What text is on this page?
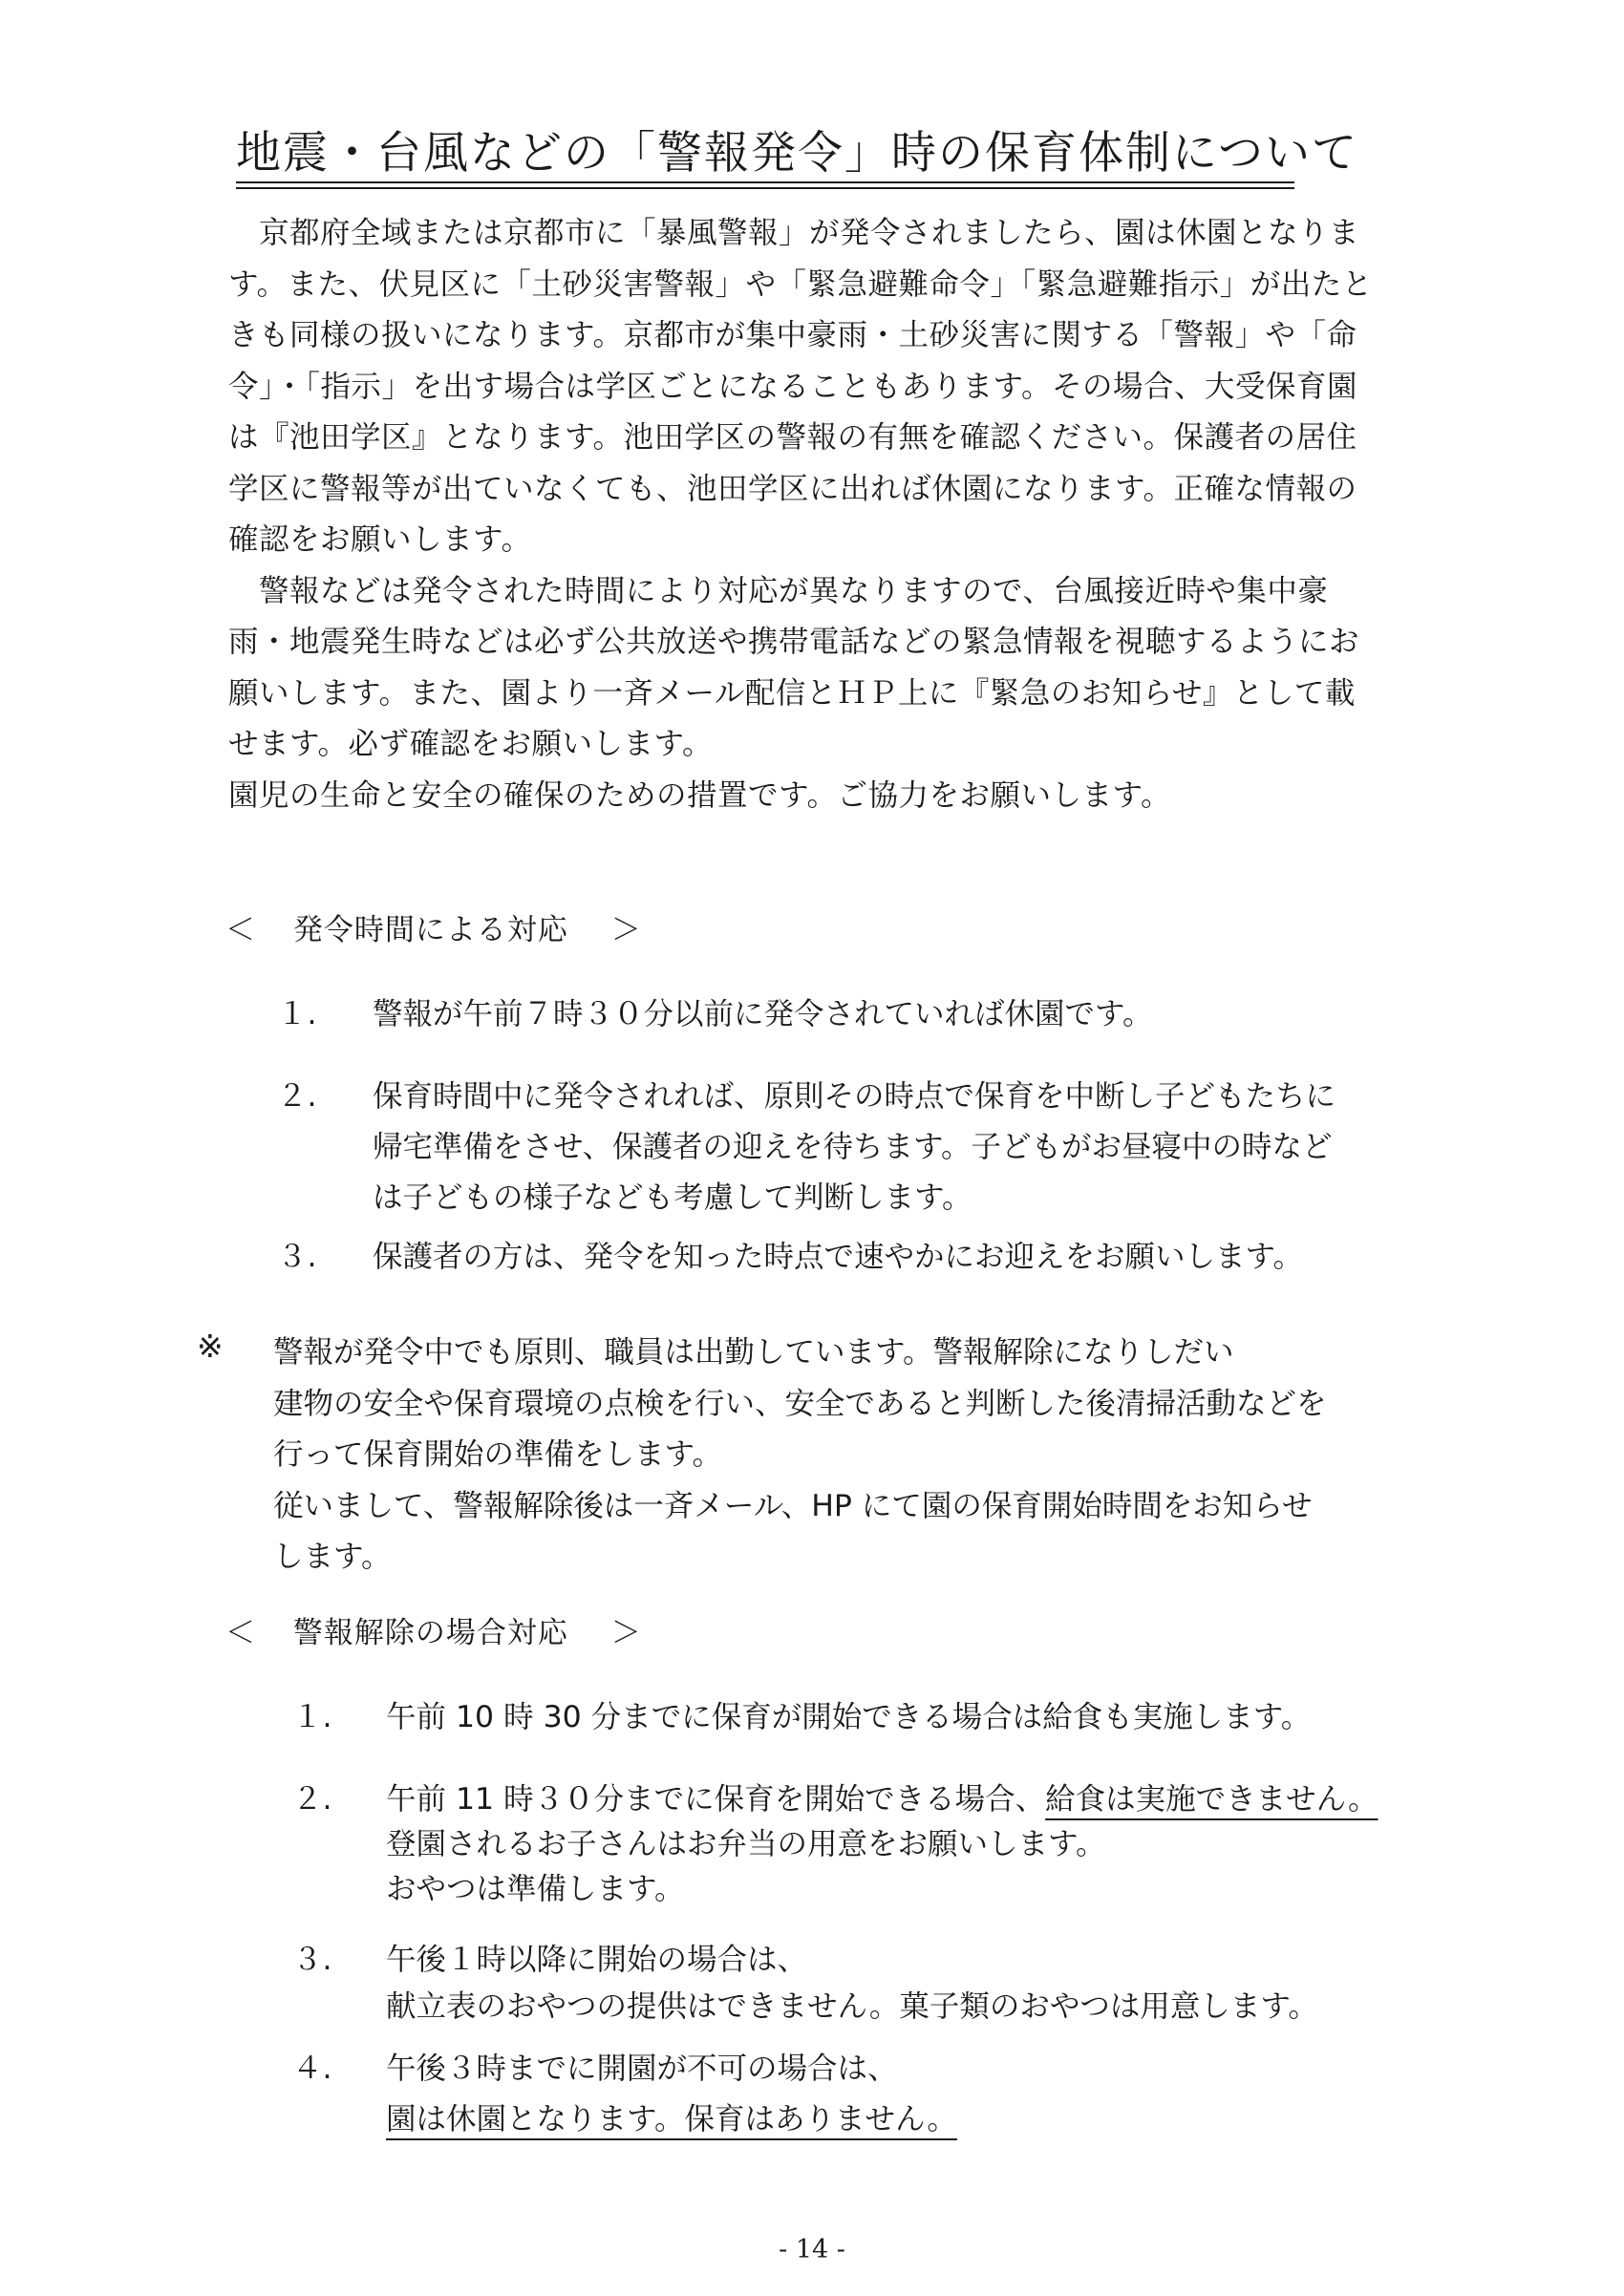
地震・台風などの「警報発令」時の保育体制について
　京都府全域または京都市に「暴風警報」が発令されましたら、園は休園となりま
す。また、伏見区に「土砂災害警報」や「緊急避難命令」「緊急避難指示」が出たと
きも同様の扱いになります。京都市が集中豪雨・土砂災害に関する「警報」や「命
令」・「指示」を出す場合は学区ごとになることもあります。その場合、大受保育園
は『池田学区』となります。池田学区の警報の有無を確認ください。保護者の居住
学区に警報等が出ていなくても、池田学区に出れば休園になります。正確な情報の
確認をお願いします。
　警報などは発令された時間により対応が異なりますので、台風接近時や集中豪
雨・地震発生時などは必ず公共放送や携帯電話などの緊急情報を視聴するようにお
願いします。また、園より一斉メール配信とＨＰ上に『緊急のお知らせ』として載
せます。必ず確認をお願いします。
園児の生命と安全の確保のための措置です。ご協力をお願いします。
＜ 発令時間による対応 ＞
１. 警報が午前７時３０分以前に発令されていれば休園です。
２. 保育時間中に発令されれば、原則その時点で保育を中断し子どもたちに
帰宅準備をさせ、保護者の迎えを待ちます。子どもがお昼寝中の時など
は子どもの様子なども考慮して判断します。
３. 保護者の方は、発令を知った時点で速やかにお迎えをお願いします。
※ 警報が発令中でも原則、職員は出勤しています。警報解除になりしだい
建物の安全や保育環境の点検を行い、安全であると判断した後清掃活動などを
行って保育開始の準備をします。
従いまして、警報解除後は一斉メール、HP にて園の保育開始時間をお知らせ
します。
＜ 警報解除の場合対応 ＞
１. 午前 10 時 30 分までに保育が開始できる場合は給食も実施します。
２. 午前 11 時３０分までに保育を開始できる場合、給食は実施できません。
登園されるお子さんはお弁当の用意をお願いします。
おやつは準備します。
３. 午後１時以降に開始の場合は、
献立表のおやつの提供はできません。菓子類のおやつは用意します。
４. 午後３時までに開園が不可の場合は、
園は休園となります。保育はありません。
- 14 -
